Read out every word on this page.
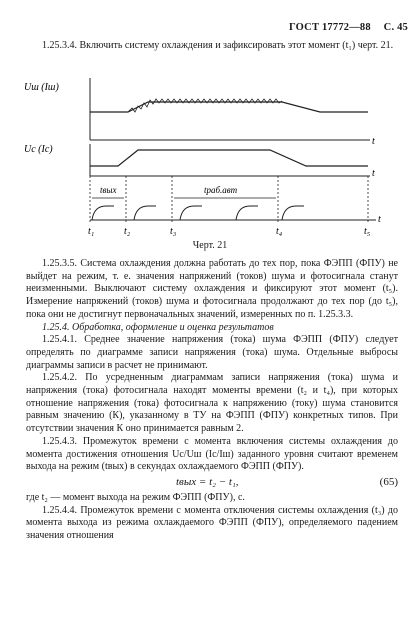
ГОСТ 17772—88 С. 45
1.25.3.4. Включить систему охлаждения и зафиксировать этот момент (t₁) черт. 21.
Uш (Iш)
t
Uс (Iс)
t
t
tвых	tраб.авт
t₁	t₂	t₃	t₄	t₅
Черт. 21

1.25.3.5. Система охлаждения должна работать до тех пор, пока ФЭПП (ФПУ) не выйдет на режим, т. е. значения напряжений (токов) шума и фотосигнала станут неизменными. Выключают систему охлаждения и фиксируют этот момент (t₅). Измерение напряжений (токов) шума и фотосигнала продолжают до тех пор (до t₅), пока они не достигнут первоначальных значений, измеренных по п. 1.25.3.3.

1.25.4. Обработка, оформление и оценка результатов

1.25.4.1. Среднее значение напряжения (тока) шума ФЭПП (ФПУ) следует определять по диаграмме записи напряжения (тока) шума. Отдельные выбросы диаграммы записи в расчет не принимают.

1.25.4.2. По усредненным диаграммам записи напряжения (тока) шума и напряжения (тока) фотосигнала находят моменты времени (t₂ и t₄), при которых отношение напряжения (тока) фотосигнала к напряжению (току) шума становится равным значению (К), указанному в ТУ на ФЭПП (ФПУ) конкретных типов. При отсутствии значения К оно принимается равным 2.

1.25.4.3. Промежуток времени с момента включения системы охлаждения до момента достижения отношения Uс/Uш (Iс/Iш) заданного уровня считают временем выхода на режим (tвых) в секундах охлаждаемого ФЭПП (ФПУ).

tвых = t₂ − t₁,	(65)

где t₂ — момент выхода на режим ФЭПП (ФПУ), с.

1.25.4.4. Промежуток времени с момента отключения системы охлаждения (t₃) до момента выхода из режима охлаждаемого ФЭПП (ФПУ), определяемого падением значения отношения
